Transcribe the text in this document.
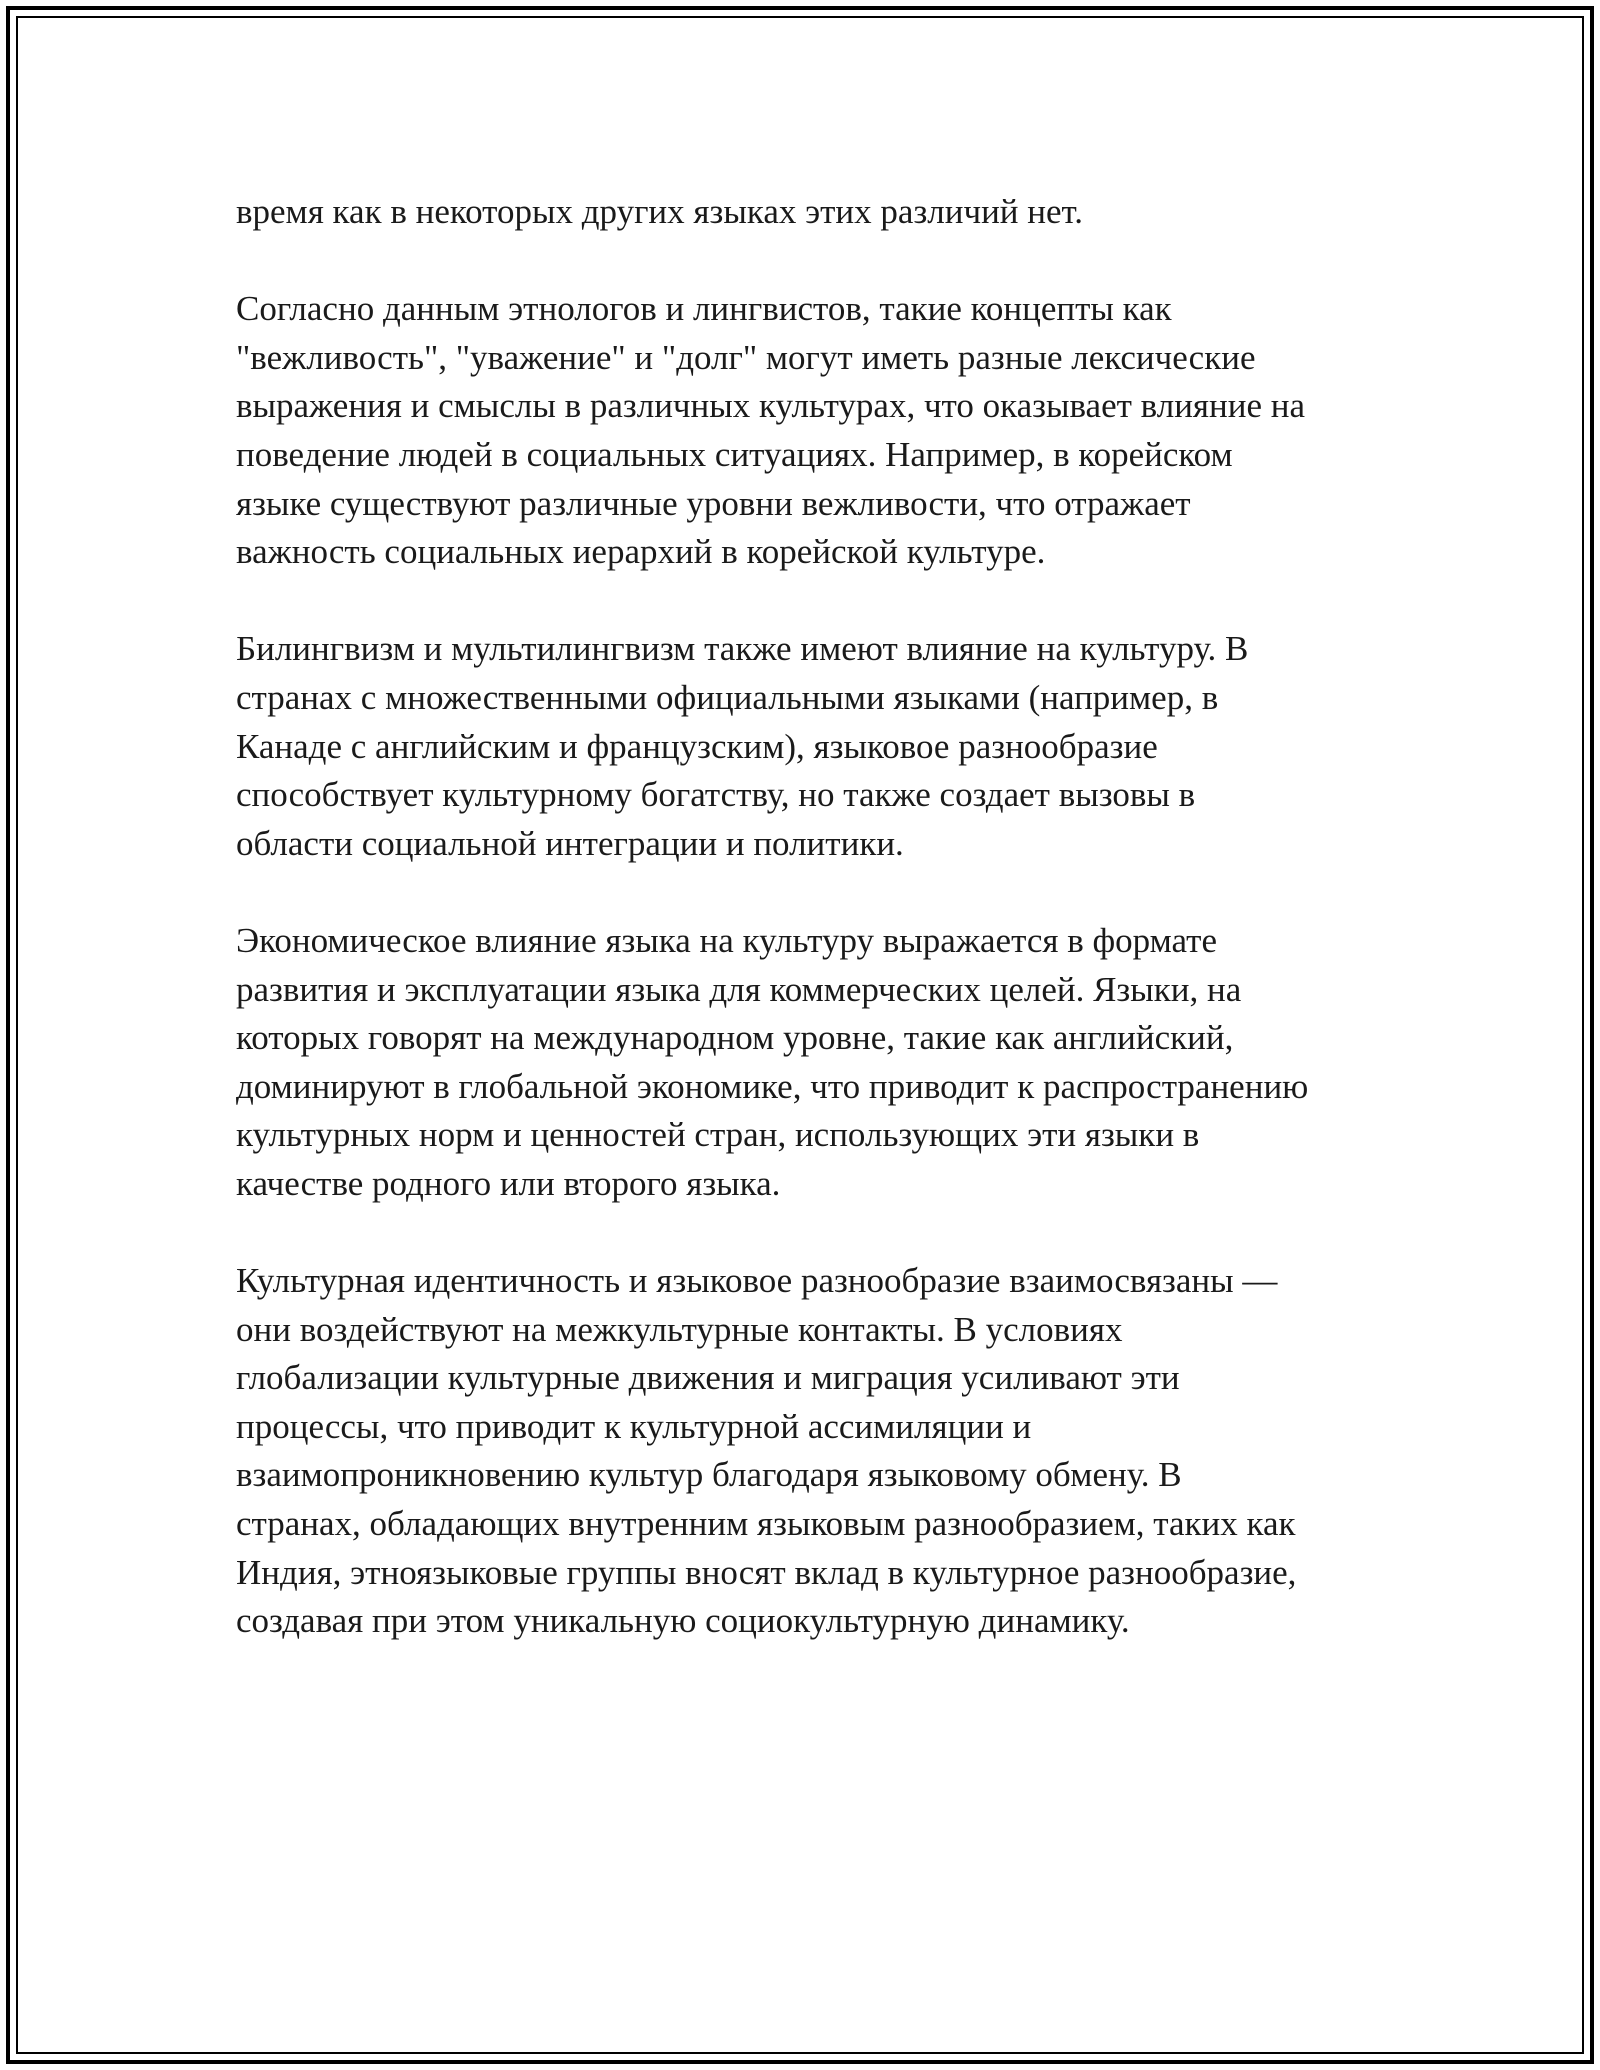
время как в некоторых других языках этих различий нет.

Согласно данным этнологов и лингвистов, такие концепты как
"вежливость", "уважение" и "долг" могут иметь разные лексические
выражения и смыслы в различных культурах, что оказывает влияние на
поведение людей в социальных ситуациях. Например, в корейском
языке существуют различные уровни вежливости, что отражает
важность социальных иерархий в корейской культуре.

Билингвизм и мультилингвизм также имеют влияние на культуру. В
странах с множественными официальными языками (например, в
Канаде с английским и французским), языковое разнообразие
способствует культурному богатству, но также создает вызовы в
области социальной интеграции и политики.

Экономическое влияние языка на культуру выражается в формате
развития и эксплуатации языка для коммерческих целей. Языки, на
которых говорят на международном уровне, такие как английский,
доминируют в глобальной экономике, что приводит к распространению
культурных норм и ценностей стран, использующих эти языки в
качестве родного или второго языка.

Культурная идентичность и языковое разнообразие взаимосвязаны —
они воздействуют на межкультурные контакты. В условиях
глобализации культурные движения и миграция усиливают эти
процессы, что приводит к культурной ассимиляции и
взаимопроникновению культур благодаря языковому обмену. В
странах, обладающих внутренним языковым разнообразием, таких как
Индия, этноязыковые группы вносят вклад в культурное разнообразие,
создавая при этом уникальную социокультурную динамику.
